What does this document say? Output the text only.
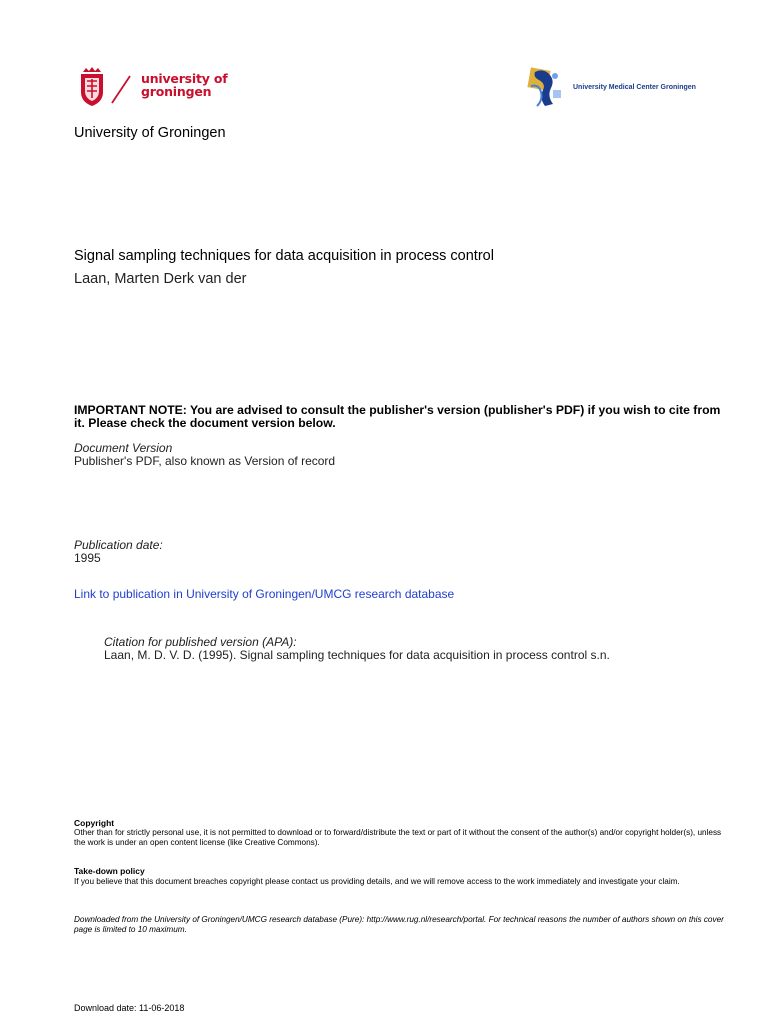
university of
groningen	University Medical Center Groningen
University of Groningen
Signal sampling techniques for data acquisition in process control
Laan, Marten Derk van der
IMPORTANT NOTE: You are advised to consult the publisher's version (publisher's PDF) if you wish to cite from it. Please check the document version below.
Document Version
Publisher's PDF, also known as Version of record
Publication date:
1995
Link to publication in University of Groningen/UMCG research database
Citation for published version (APA):
Laan, M. D. V. D. (1995). Signal sampling techniques for data acquisition in process control s.n.
Copyright
Other than for strictly personal use, it is not permitted to download or to forward/distribute the text or part of it without the consent of the author(s) and/or copyright holder(s), unless the work is under an open content license (like Creative Commons).
Take-down policy
If you believe that this document breaches copyright please contact us providing details, and we will remove access to the work immediately and investigate your claim.
Downloaded from the University of Groningen/UMCG research database (Pure): http://www.rug.nl/research/portal. For technical reasons the number of authors shown on this cover page is limited to 10 maximum.
Download date: 11-06-2018
